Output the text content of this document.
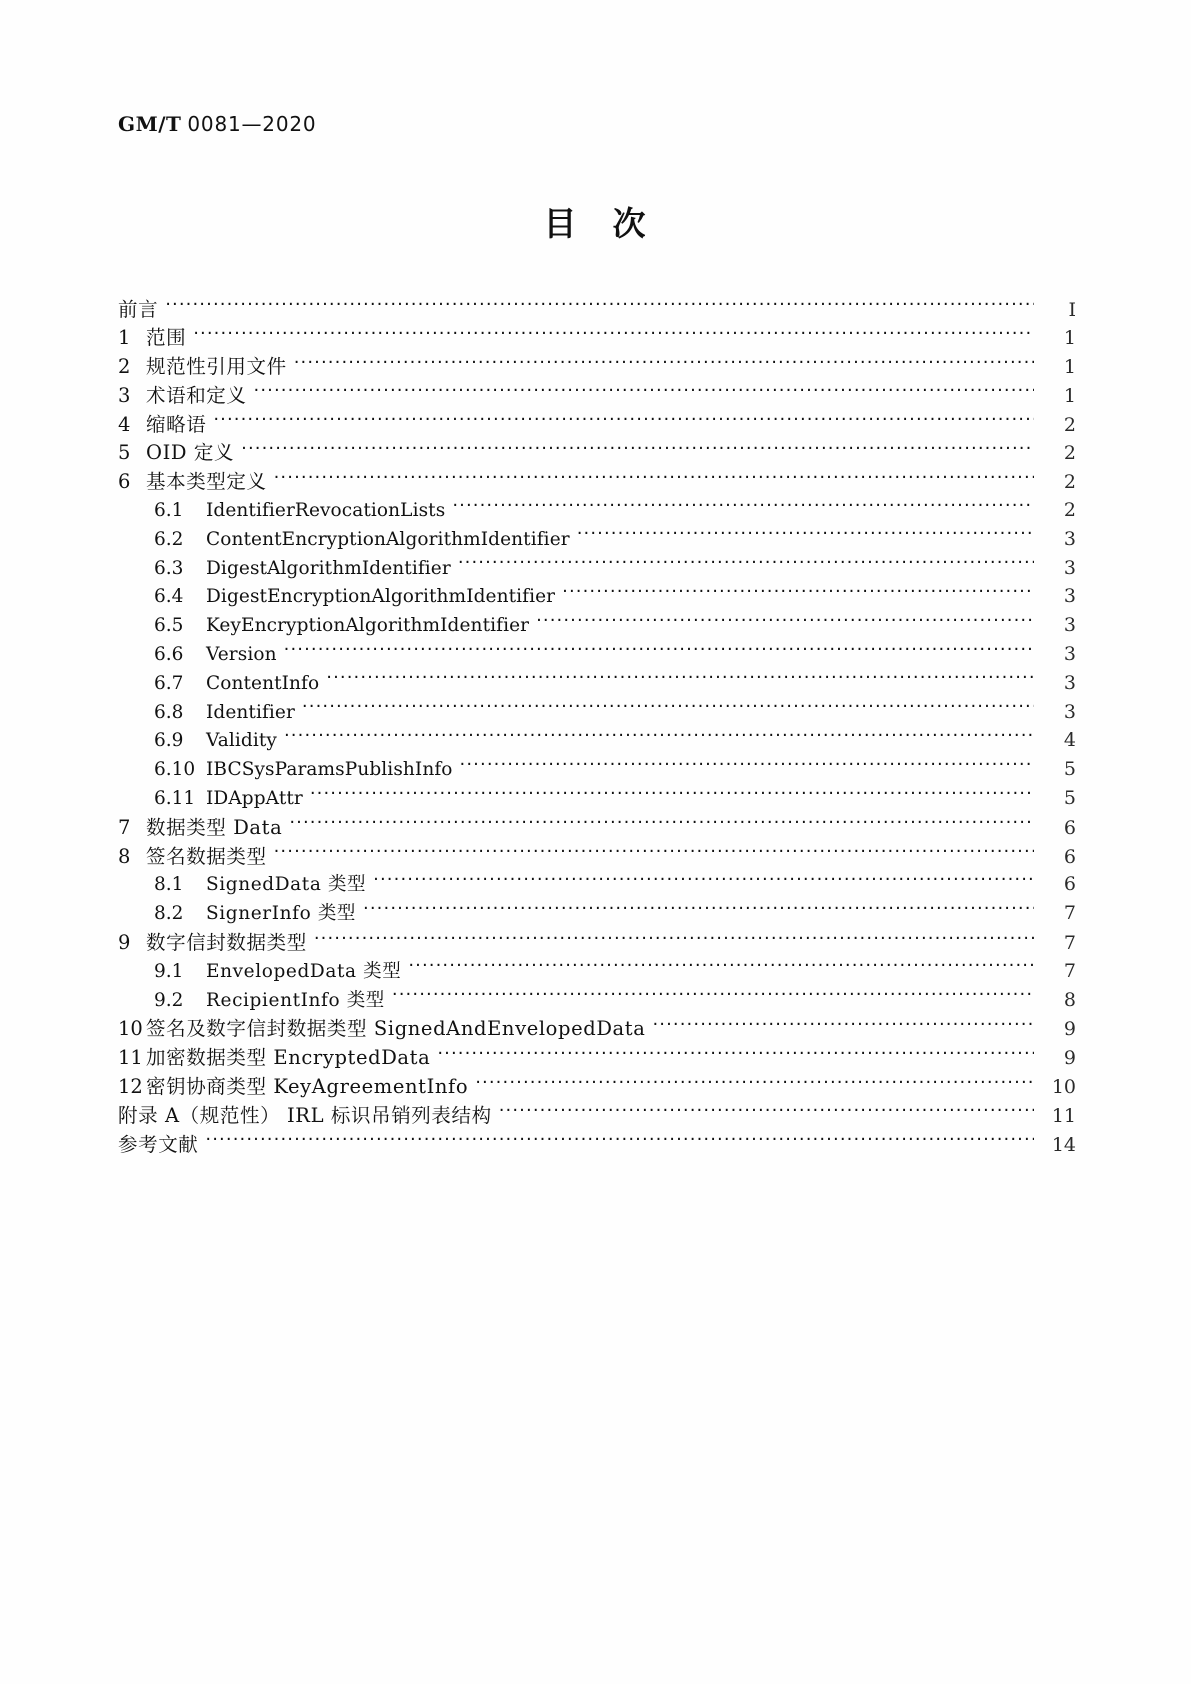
GM/T 0081—2020
目 次
前言 ·····	I
1 范围 ·····	1
2 规范性引用文件 ·····	1
3 术语和定义 ·····	1
4 缩略语 ·····	2
5 OID 定义 ·····	2
6 基本类型定义 ·····	2
6.1	IdentifierRevocationLists ·····	2
6.2	ContentEncryptionAlgorithmIdentifier ·····	3
6.3	DigestAlgorithmIdentifier ·····	3
6.4	DigestEncryptionAlgorithmIdentifier ·····	3
6.5	KeyEncryptionAlgorithmIdentifier ·····	3
6.6	Version ·····	3
6.7	ContentInfo ·····	3
6.8	Identifier ·····	3
6.9	Validity ·····	4
6.10 IBCSysParamsPublishInfo ·····	5
6.11 IDAppAttr ·····	5
7 数据类型 Data ·····	6
8 签名数据类型 ·····	6
8.1	SignedData 类型 ·····	6
8.2	SignerInfo 类型 ·····	7
9 数字信封数据类型 ·····	7
9.1	EnvelopedData 类型 ·····	7
9.2	RecipientInfo 类型 ·····	8
10 签名及数字信封数据类型 SignedAndEnvelopedData ·····	9
11 加密数据类型 EncryptedData ·····	9
12 密钥协商类型 KeyAgreementInfo ·····	10
附录 A（规范性） IRL 标识吊销列表结构 ·····	11
参考文献 ·····	14
